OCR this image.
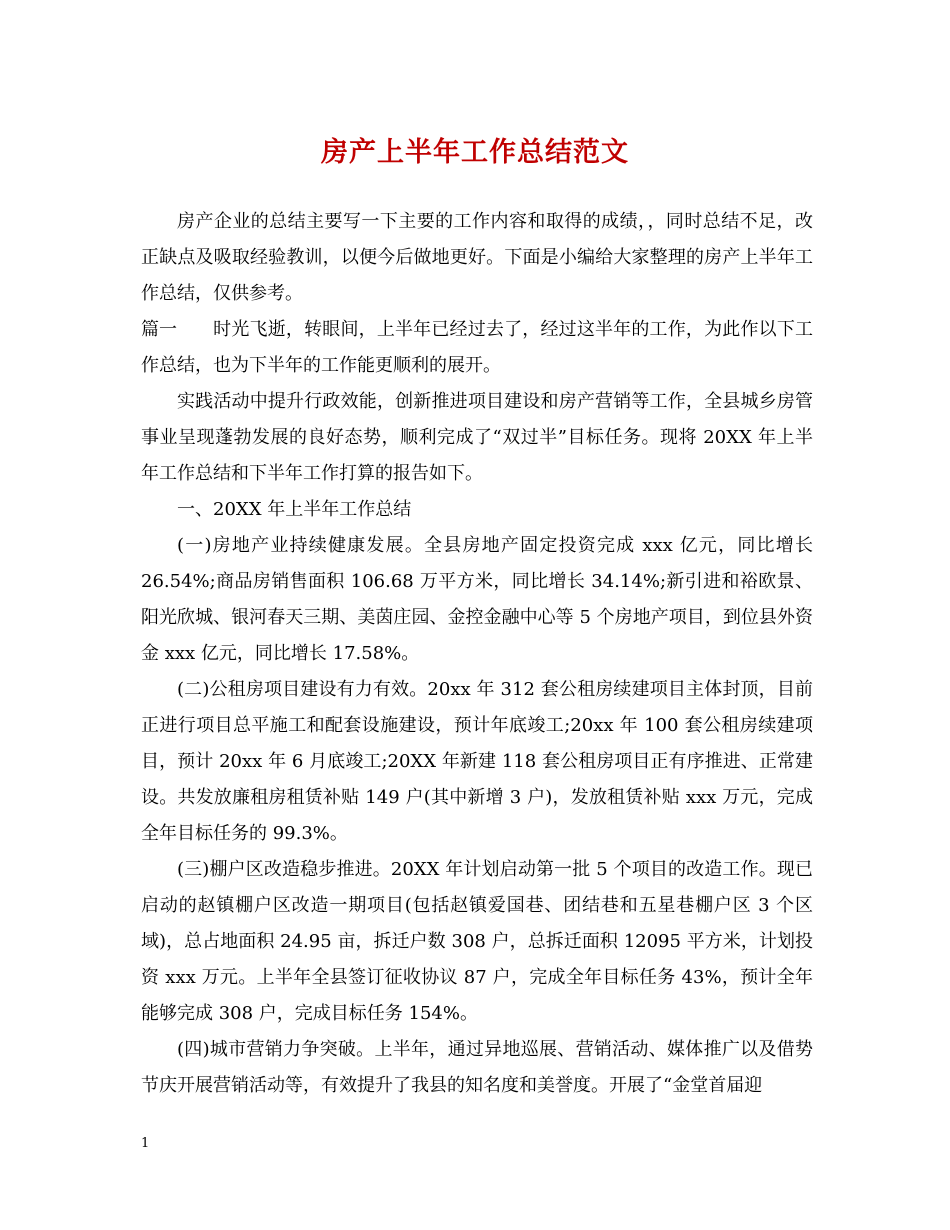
房产上半年工作总结范文

房产企业的总结主要写一下主要的工作内容和取得的成绩，，同时总结不足，改正缺点及吸取经验教训，以便今后做地更好。下面是小编给大家整理的房产上半年工作总结，仅供参考。

篇一 时光飞逝，转眼间，上半年已经过去了，经过这半年的工作，为此作以下工作总结，也为下半年的工作能更顺利的展开。

实践活动中提升行政效能，创新推进项目建设和房产营销等工作，全县城乡房管事业呈现蓬勃发展的良好态势，顺利完成了“双过半”目标任务。现将 20XX 年上半年工作总结和下半年工作打算的报告如下。

一、20XX 年上半年工作总结

(一)房地产业持续健康发展。全县房地产固定投资完成 xxx 亿元，同比增长 26.54%;商品房销售面积 106.68 万平方米，同比增长 34.14%;新引进和裕欧景、阳光欣城、银河春天三期、美茵庄园、金控金融中心等 5 个房地产项目，到位县外资金 xxx 亿元，同比增长 17.58%。

(二)公租房项目建设有力有效。20xx 年 312 套公租房续建项目主体封顶，目前正进行项目总平施工和配套设施建设，预计年底竣工;20xx 年 100 套公租房续建项目，预计 20xx 年 6 月底竣工;20XX 年新建 118 套公租房项目正有序推进、正常建设。共发放廉租房租赁补贴 149 户(其中新增 3 户)，发放租赁补贴 xxx 万元，完成全年目标任务的 99.3%。

(三)棚户区改造稳步推进。20XX 年计划启动第一批 5 个项目的改造工作。现已启动的赵镇棚户区改造一期项目(包括赵镇爱国巷、团结巷和五星巷棚户区 3 个区域)，总占地面积 24.95 亩，拆迁户数 308 户，总拆迁面积 12095 平方米，计划投资 xxx 万元。上半年全县签订征收协议 87 户，完成全年目标任务 43%，预计全年能够完成 308 户，完成目标任务 154%。

(四)城市营销力争突破。上半年，通过异地巡展、营销活动、媒体推广以及借势节庆开展营销活动等，有效提升了我县的知名度和美誉度。开展了“金堂首届迎

1
